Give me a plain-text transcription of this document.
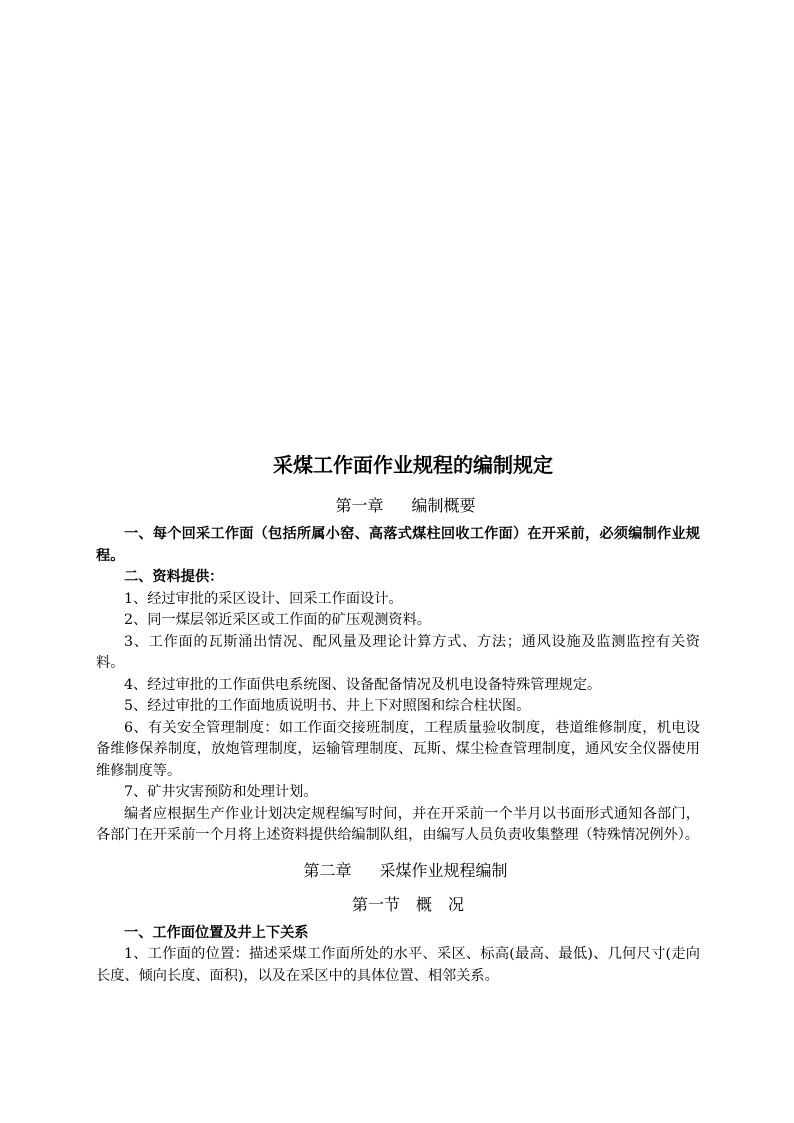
采煤工作面作业规程的编制规定
第一章 编制概要

一、每个回采工作面（包括所属小窑、高落式煤柱回收工作面）在开采前，必须编制作业规程。

二、资料提供：

1、经过审批的采区设计、回采工作面设计。

2、同一煤层邻近采区或工作面的矿压观测资料。

3、工作面的瓦斯涌出情况、配风量及理论计算方式、方法；通风设施及监测监控有关资料。

4、经过审批的工作面供电系统图、设备配备情况及机电设备特殊管理规定。

5、经过审批的工作面地质说明书、井上下对照图和综合柱状图。

6、有关安全管理制度：如工作面交接班制度，工程质量验收制度，巷道维修制度，机电设备维修保养制度，放炮管理制度，运输管理制度、瓦斯、煤尘检查管理制度，通风安全仪器使用维修制度等。

7、矿井灾害预防和处理计划。

编者应根据生产作业计划决定规程编写时间，并在开采前一个半月以书面形式通知各部门，各部门在开采前一个月将上述资料提供给编制队组，由编写人员负责收集整理（特殊情况例外）。

第二章 采煤作业规程编制
第一节 概 况

一、工作面位置及井上下关系

1、工作面的位置：描述采煤工作面所处的水平、采区、标高(最高、最低)、几何尺寸(走向长度、倾向长度、面积)，以及在采区中的具体位置、相邻关系。
